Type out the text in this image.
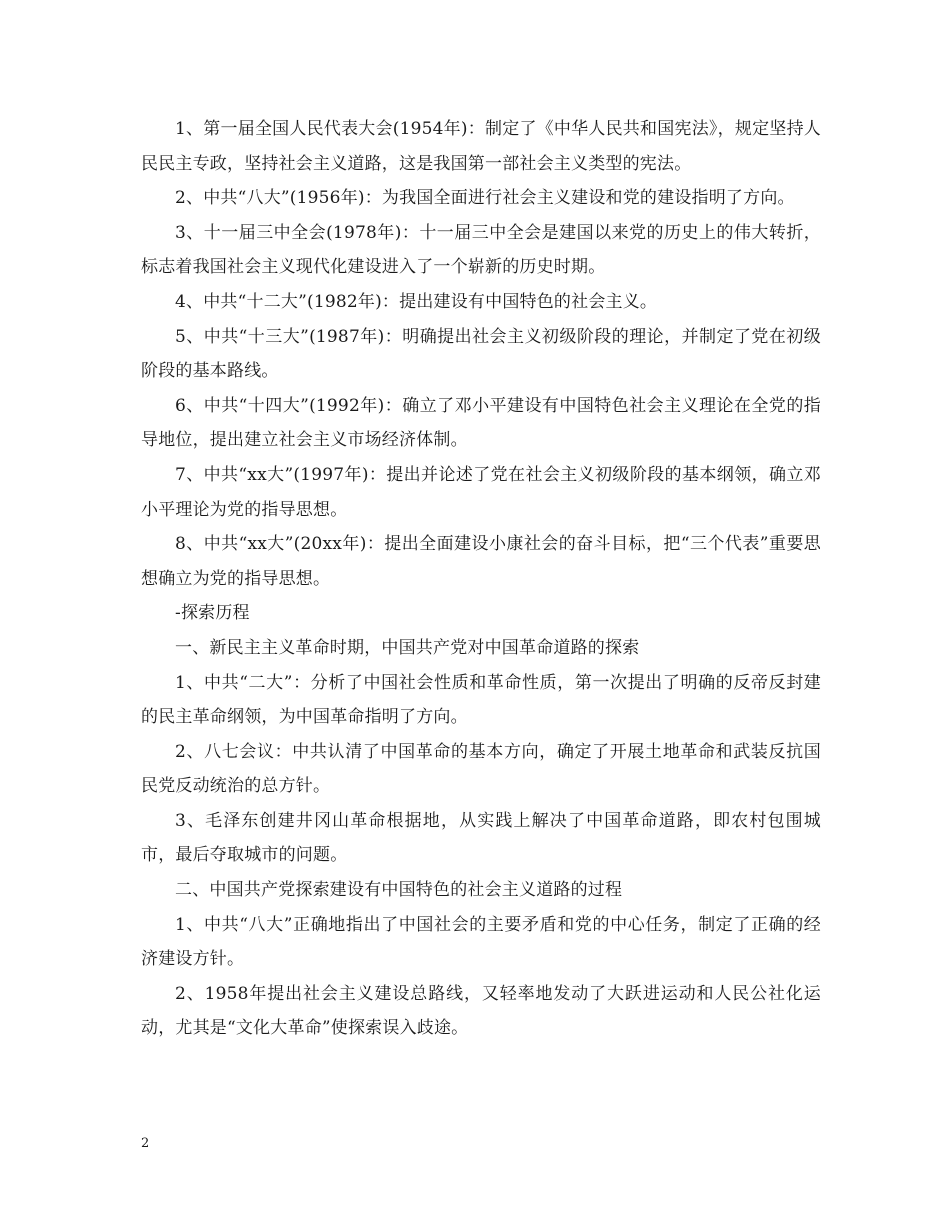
1、第一届全国人民代表大会(1954年)：制定了《中华人民共和国宪法》，规定坚持人民民主专政，坚持社会主义道路，这是我国第一部社会主义类型的宪法。

2、中共“八大”(1956年)：为我国全面进行社会主义建设和党的建设指明了方向。

3、十一届三中全会(1978年)：十一届三中全会是建国以来党的历史上的伟大转折，标志着我国社会主义现代化建设进入了一个崭新的历史时期。

4、中共“十二大”(1982年)：提出建设有中国特色的社会主义。

5、中共“十三大”(1987年)：明确提出社会主义初级阶段的理论，并制定了党在初级阶段的基本路线。

6、中共“十四大”(1992年)：确立了邓小平建设有中国特色社会主义理论在全党的指导地位，提出建立社会主义市场经济体制。

7、中共“xx大”(1997年)：提出并论述了党在社会主义初级阶段的基本纲领，确立邓小平理论为党的指导思想。

8、中共“xx大”(20xx年)：提出全面建设小康社会的奋斗目标，把“三个代表”重要思想确立为党的指导思想。

-探索历程

一、新民主主义革命时期，中国共产党对中国革命道路的探索

1、中共“二大”：分析了中国社会性质和革命性质，第一次提出了明确的反帝反封建的民主革命纲领，为中国革命指明了方向。

2、八七会议：中共认清了中国革命的基本方向，确定了开展土地革命和武装反抗国民党反动统治的总方针。

3、毛泽东创建井冈山革命根据地，从实践上解决了中国革命道路，即农村包围城市，最后夺取城市的问题。

二、中国共产党探索建设有中国特色的社会主义道路的过程

1、中共“八大”正确地指出了中国社会的主要矛盾和党的中心任务，制定了正确的经济建设方针。

2、1958年提出社会主义建设总路线，又轻率地发动了大跃进运动和人民公社化运动，尤其是“文化大革命”使探索误入歧途。

2
